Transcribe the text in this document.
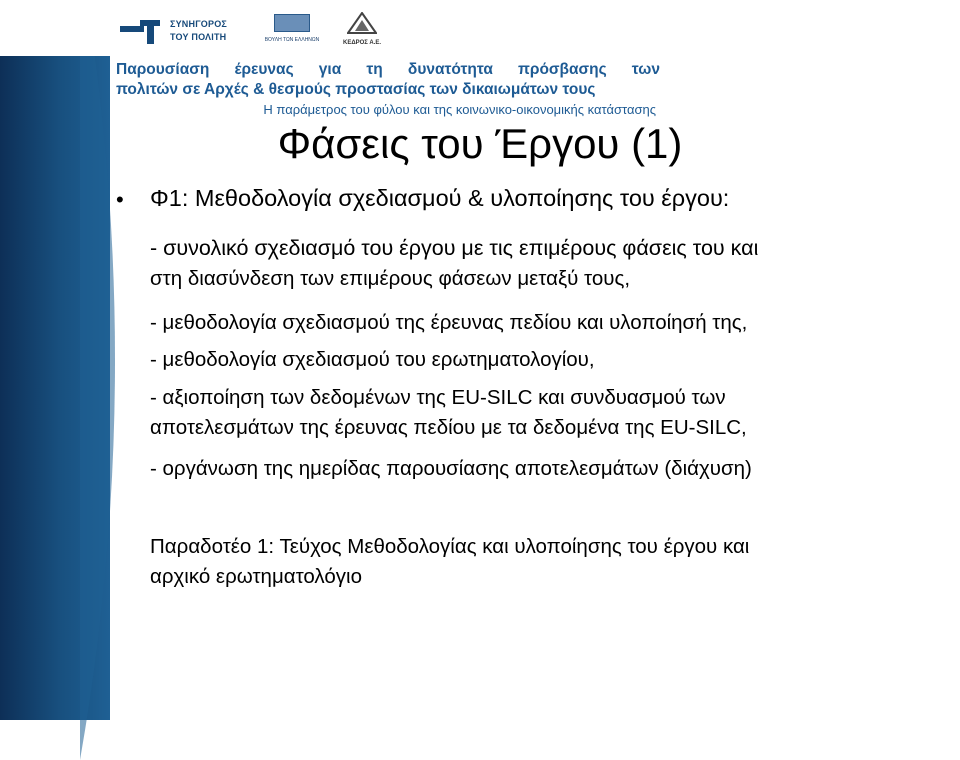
ΣΥΝΗΓΟΡΟΣ
ΤΟΥ ΠΟΛΙΤΗ	ΒΟΥΛΗ ΤΩΝ ΕΛΛΗΝΩΝ	ΚΕΔΡΟΣ Α.Ε.
Παρουσίαση έρευνας για τη δυνατότητα πρόσβασης των
πολιτών σε Αρχές & θεσμούς προστασίας των δικαιωμάτων τους
Η παράμετρος του φύλου και της κοινωνικο-οικονομικής κατάστασης
Φάσεις του Έργου (1)
• Φ1: Μεθοδολογία σχεδιασμού & υλοποίησης του έργου:
- συνολικό σχεδιασμό του έργου με τις επιμέρους φάσεις του και
στη διασύνδεση των επιμέρους φάσεων μεταξύ τους,
- μεθοδολογία σχεδιασμού της έρευνας πεδίου και υλοποίησή της,
- μεθοδολογία σχεδιασμού του ερωτηματολογίου,
- αξιοποίηση των δεδομένων της EU-SILC και συνδυασμού των
αποτελεσμάτων της έρευνας πεδίου με τα δεδομένα της EU-SILC,
- οργάνωση της ημερίδας παρουσίασης αποτελεσμάτων (διάχυση)
Παραδοτέο 1: Τεύχος Μεθοδολογίας και υλοποίησης του έργου και
αρχικό ερωτηματολόγιο
